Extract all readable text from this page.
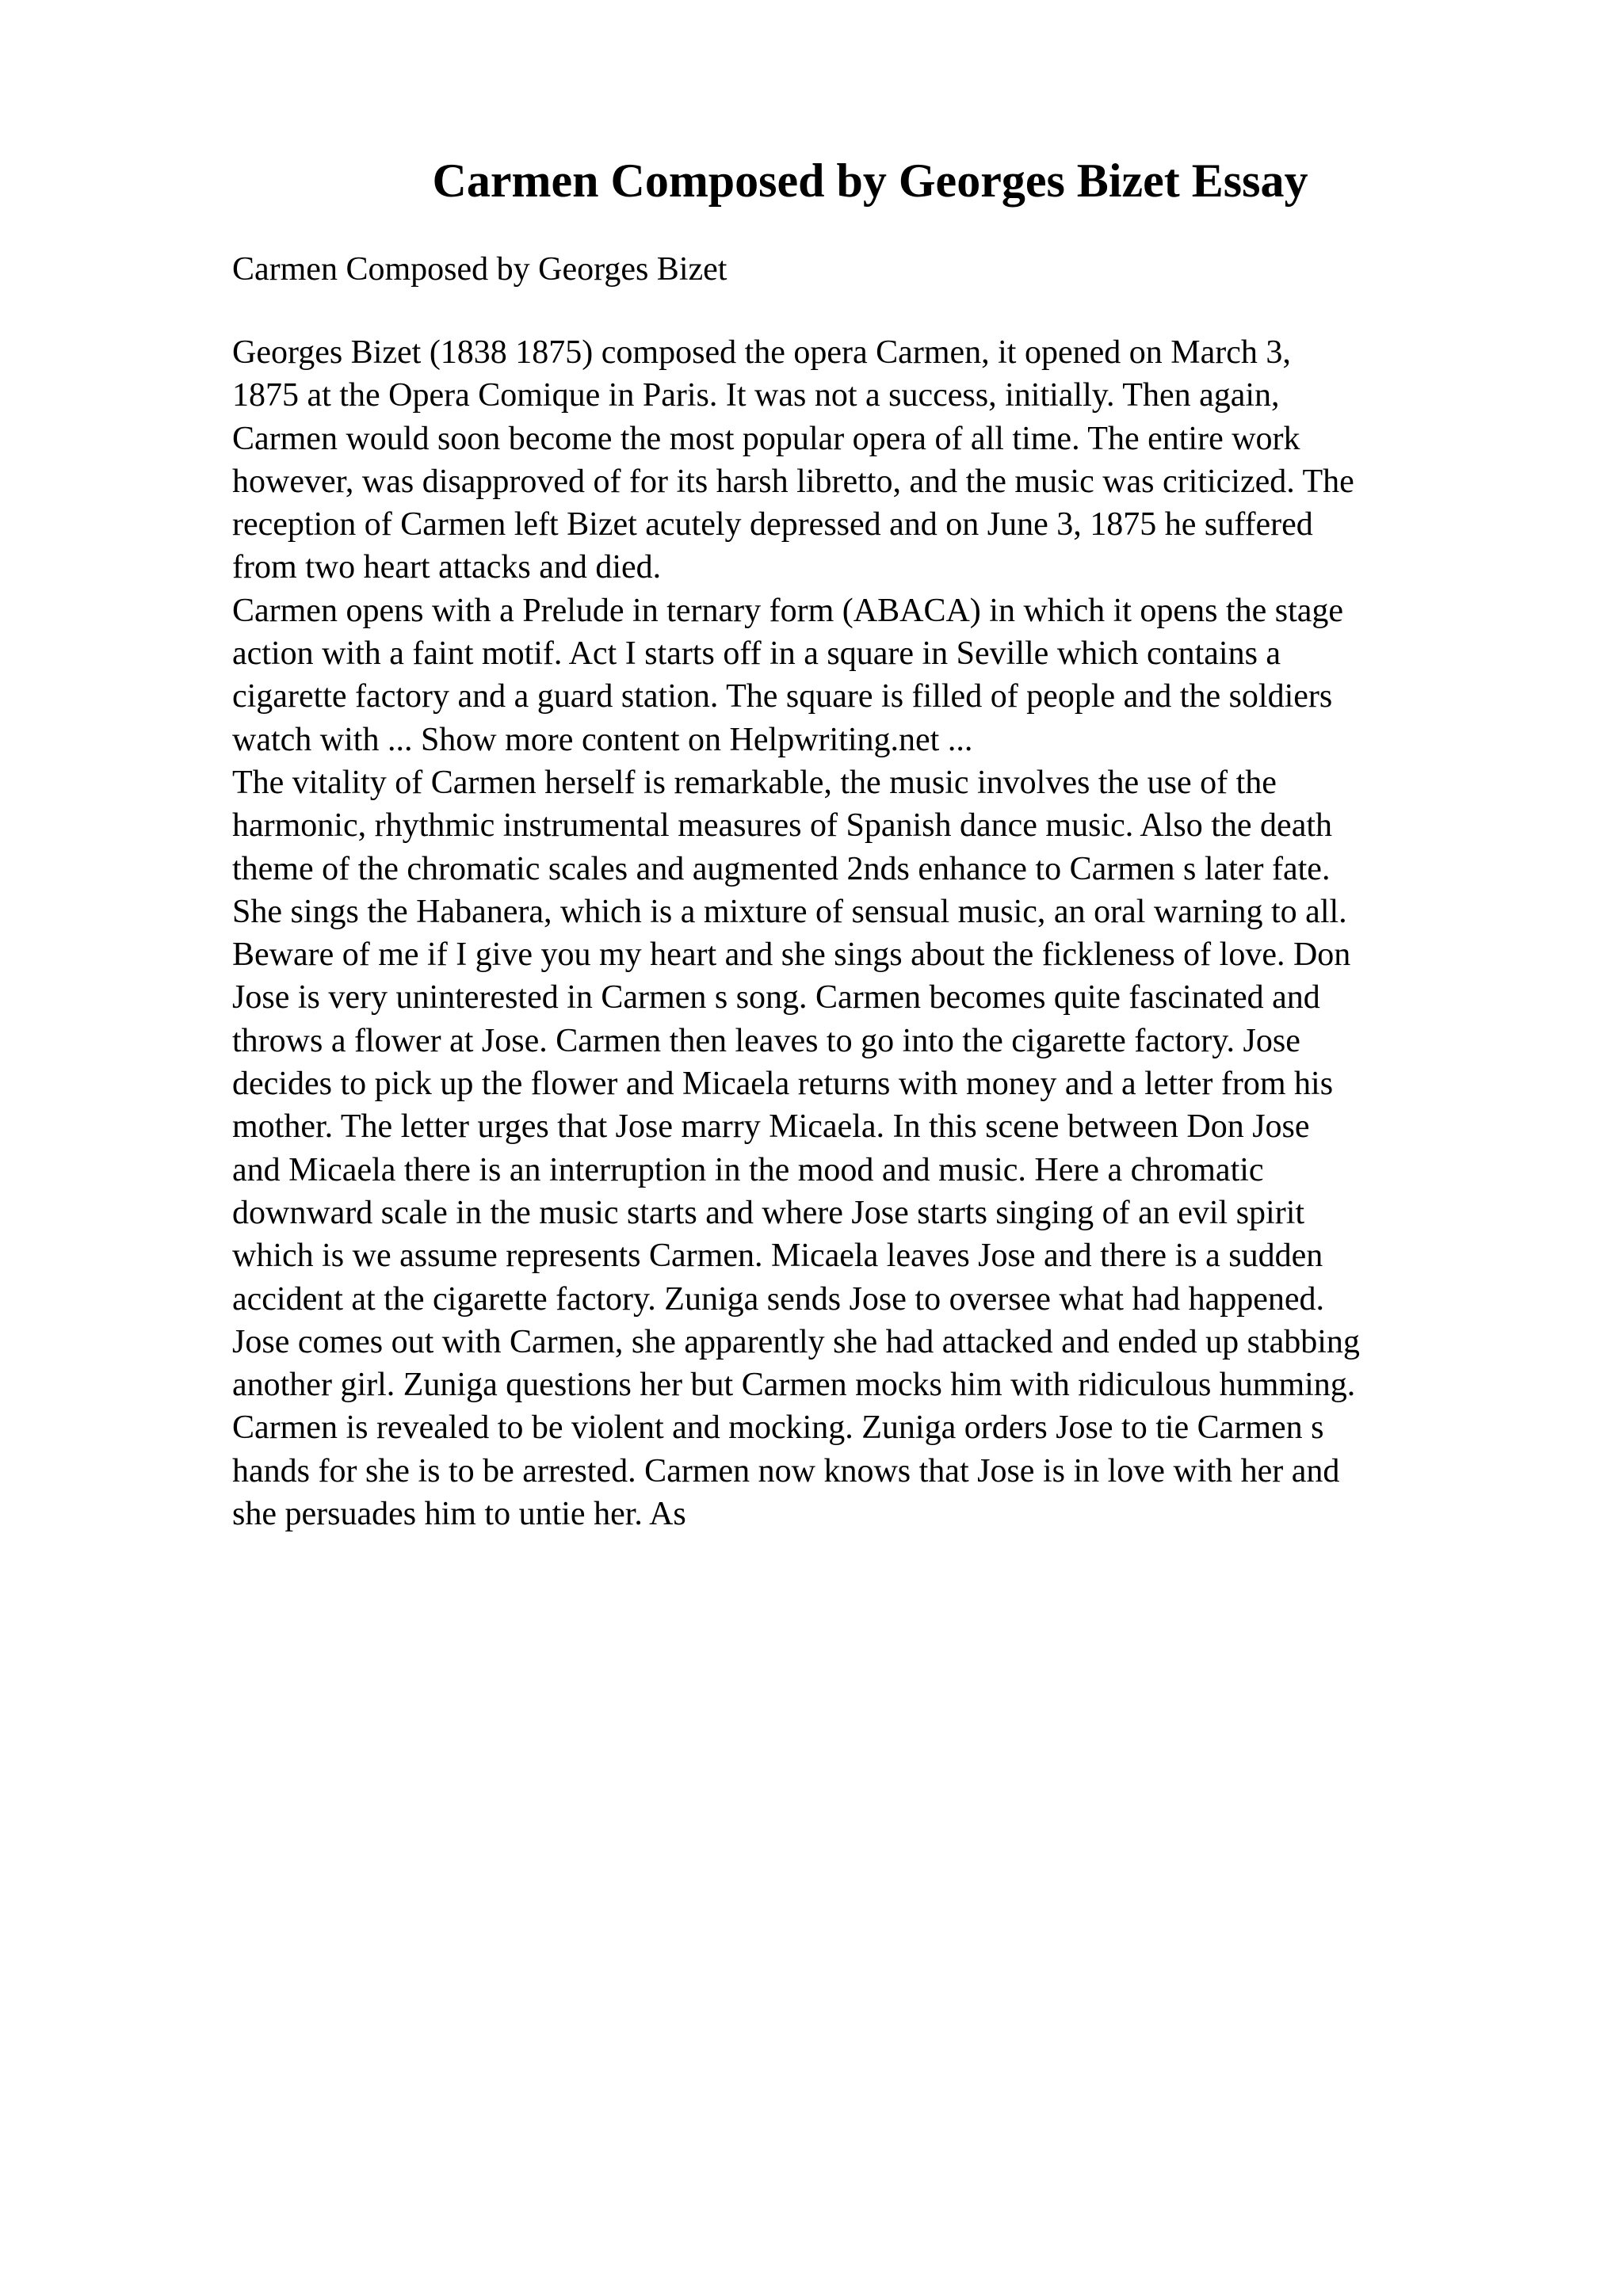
Carmen Composed by Georges Bizet Essay

Carmen Composed by Georges Bizet

Georges Bizet (1838 1875) composed the opera Carmen, it opened on March 3,
1875 at the Opera Comique in Paris. It was not a success, initially. Then again,
Carmen would soon become the most popular opera of all time. The entire work
however, was disapproved of for its harsh libretto, and the music was criticized. The
reception of Carmen left Bizet acutely depressed and on June 3, 1875 he suffered
from two heart attacks and died.
Carmen opens with a Prelude in ternary form (ABACA) in which it opens the stage
action with a faint motif. Act I starts off in a square in Seville which contains a
cigarette factory and a guard station. The square is filled of people and the soldiers
watch with ... Show more content on Helpwriting.net ...
The vitality of Carmen herself is remarkable, the music involves the use of the
harmonic, rhythmic instrumental measures of Spanish dance music. Also the death
theme of the chromatic scales and augmented 2nds enhance to Carmen s later fate.
She sings the Habanera, which is a mixture of sensual music, an oral warning to all.
Beware of me if I give you my heart and she sings about the fickleness of love. Don
Jose is very uninterested in Carmen s song. Carmen becomes quite fascinated and
throws a flower at Jose. Carmen then leaves to go into the cigarette factory. Jose
decides to pick up the flower and Micaela returns with money and a letter from his
mother. The letter urges that Jose marry Micaela. In this scene between Don Jose
and Micaela there is an interruption in the mood and music. Here a chromatic
downward scale in the music starts and where Jose starts singing of an evil spirit
which is we assume represents Carmen. Micaela leaves Jose and there is a sudden
accident at the cigarette factory. Zuniga sends Jose to oversee what had happened.
Jose comes out with Carmen, she apparently she had attacked and ended up stabbing
another girl. Zuniga questions her but Carmen mocks him with ridiculous humming.
Carmen is revealed to be violent and mocking. Zuniga orders Jose to tie Carmen s
hands for she is to be arrested. Carmen now knows that Jose is in love with her and
she persuades him to untie her. As
